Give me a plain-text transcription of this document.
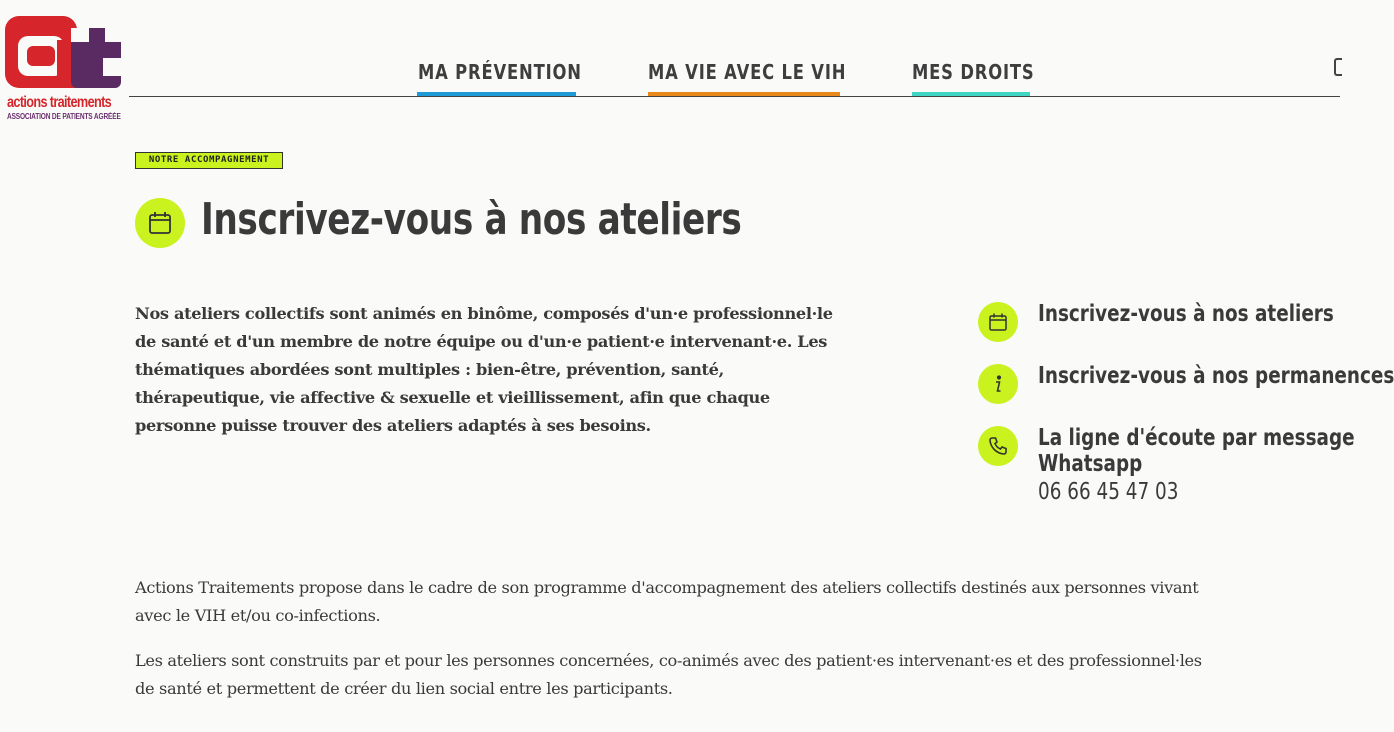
actions traitements
ASSOCIATION DE PATIENTS AGRÉÉE
MA PRÉVENTION	MA VIE AVEC LE VIH	MES DROITS
NOTRE ACCOMPAGNEMENT
Inscrivez-vous à nos ateliers

Nos ateliers collectifs sont animés en binôme, composés d'un·e professionnel·le de santé et d'un membre de notre équipe ou d'un·e patient·e intervenant·e. Les thématiques abordées sont multiples : bien-être, prévention, santé, thérapeutique, vie affective & sexuelle et vieillissement, afin que chaque personne puisse trouver des ateliers adaptés à ses besoins.

Inscrivez-vous à nos ateliers
Inscrivez-vous à nos permanences
La ligne d'écoute par message
Whatsapp
06 66 45 47 03

Actions Traitements propose dans le cadre de son programme d'accompagnement des ateliers collectifs destinés aux personnes vivant avec le VIH et/ou co-infections.

Les ateliers sont construits par et pour les personnes concernées, co-animés avec des patient·es intervenant·es et des professionnel·les de santé et permettent de créer du lien social entre les participants.
